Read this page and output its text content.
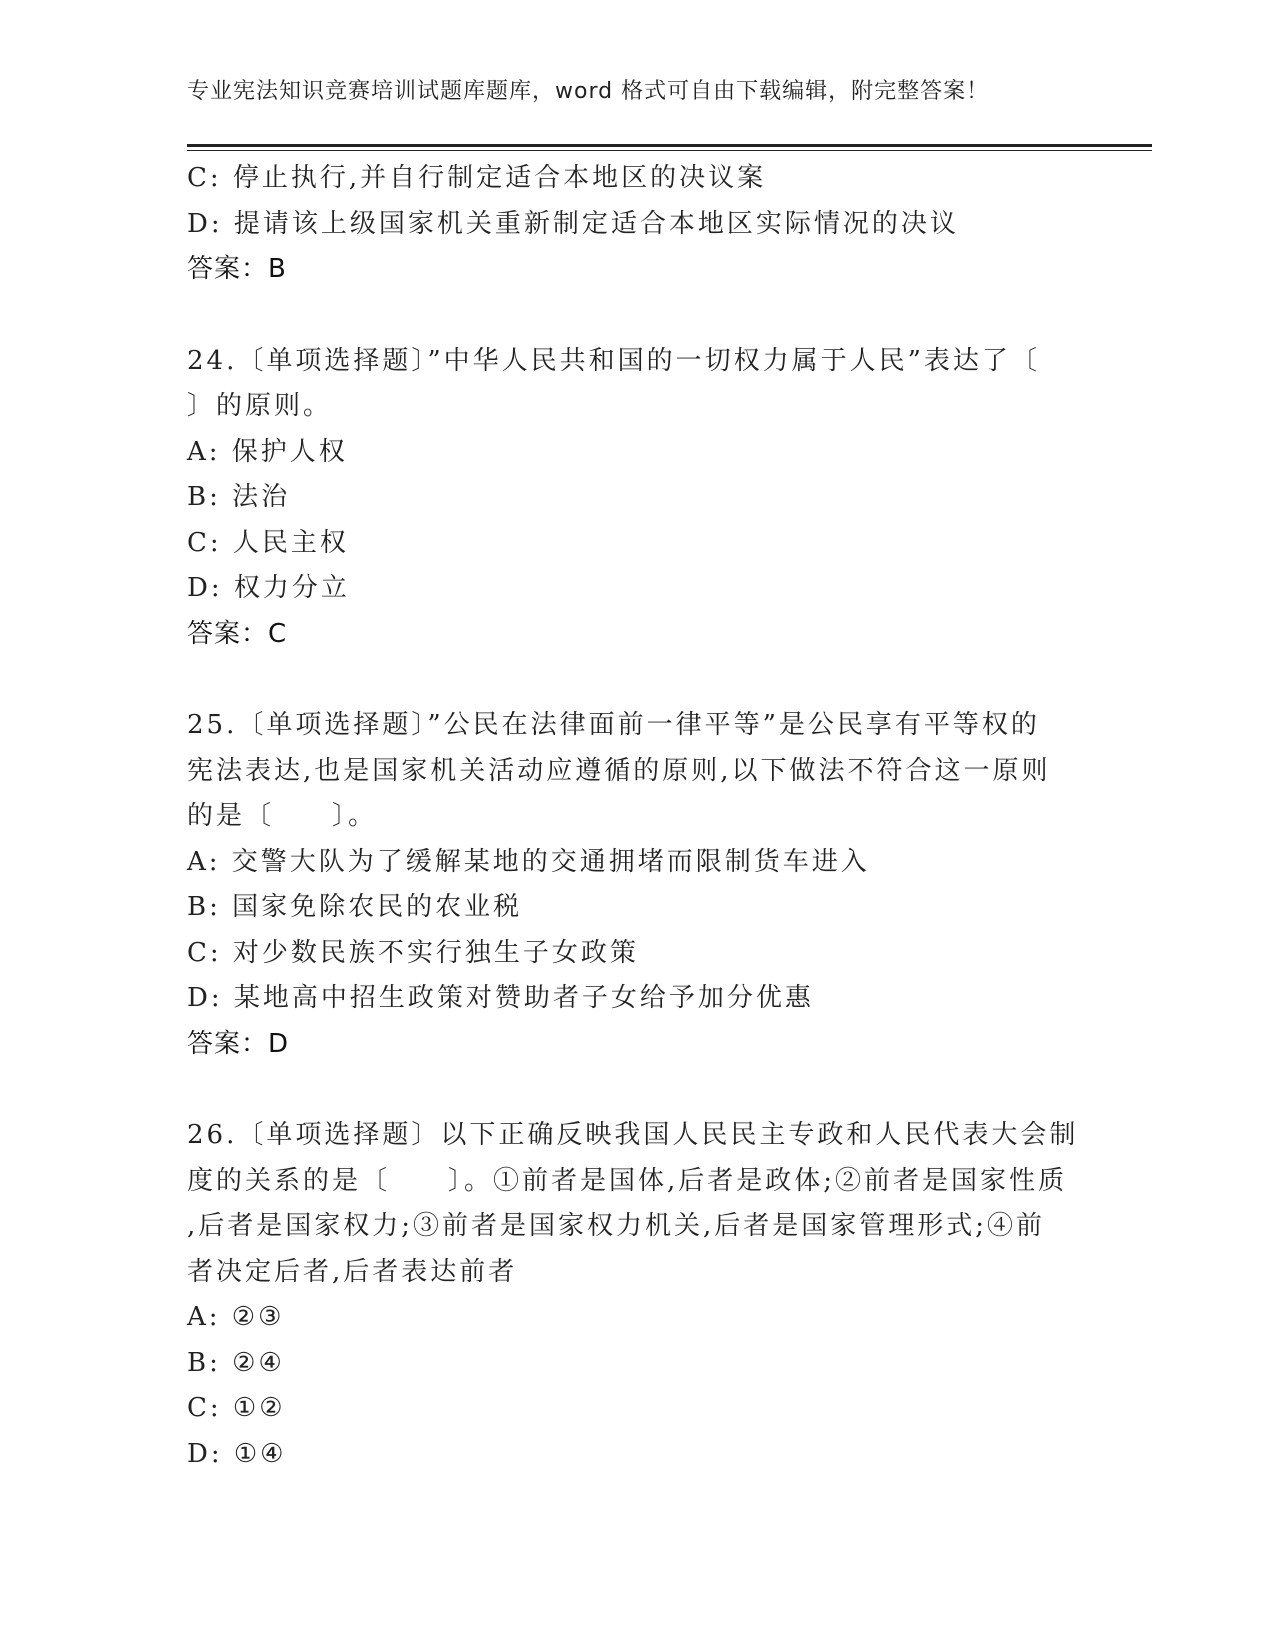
专业宪法知识竞赛培训试题库题库，word 格式可自由下载编辑，附完整答案！

C: 停止执行,并自行制定适合本地区的决议案

D: 提请该上级国家机关重新制定适合本地区实际情况的决议

答案：B

24.〔单项选择题〕”中华人民共和国的一切权力属于人民”表达了〔

〕的原则。

A: 保护人权

B: 法治

C: 人民主权

D: 权力分立

答案：C

25.〔单项选择题〕”公民在法律面前一律平等”是公民享有平等权的

宪法表达,也是国家机关活动应遵循的原则,以下做法不符合这一原则

的是〔　　〕。

A: 交警大队为了缓解某地的交通拥堵而限制货车进入

B: 国家免除农民的农业税

C: 对少数民族不实行独生子女政策

D: 某地高中招生政策对赞助者子女给予加分优惠

答案：D

26.〔单项选择题〕以下正确反映我国人民民主专政和人民代表大会制

度的关系的是〔　　〕。①前者是国体,后者是政体;②前者是国家性质

,后者是国家权力;③前者是国家权力机关,后者是国家管理形式;④前

者决定后者,后者表达前者

A: ②③

B: ②④

C: ①②

D: ①④
